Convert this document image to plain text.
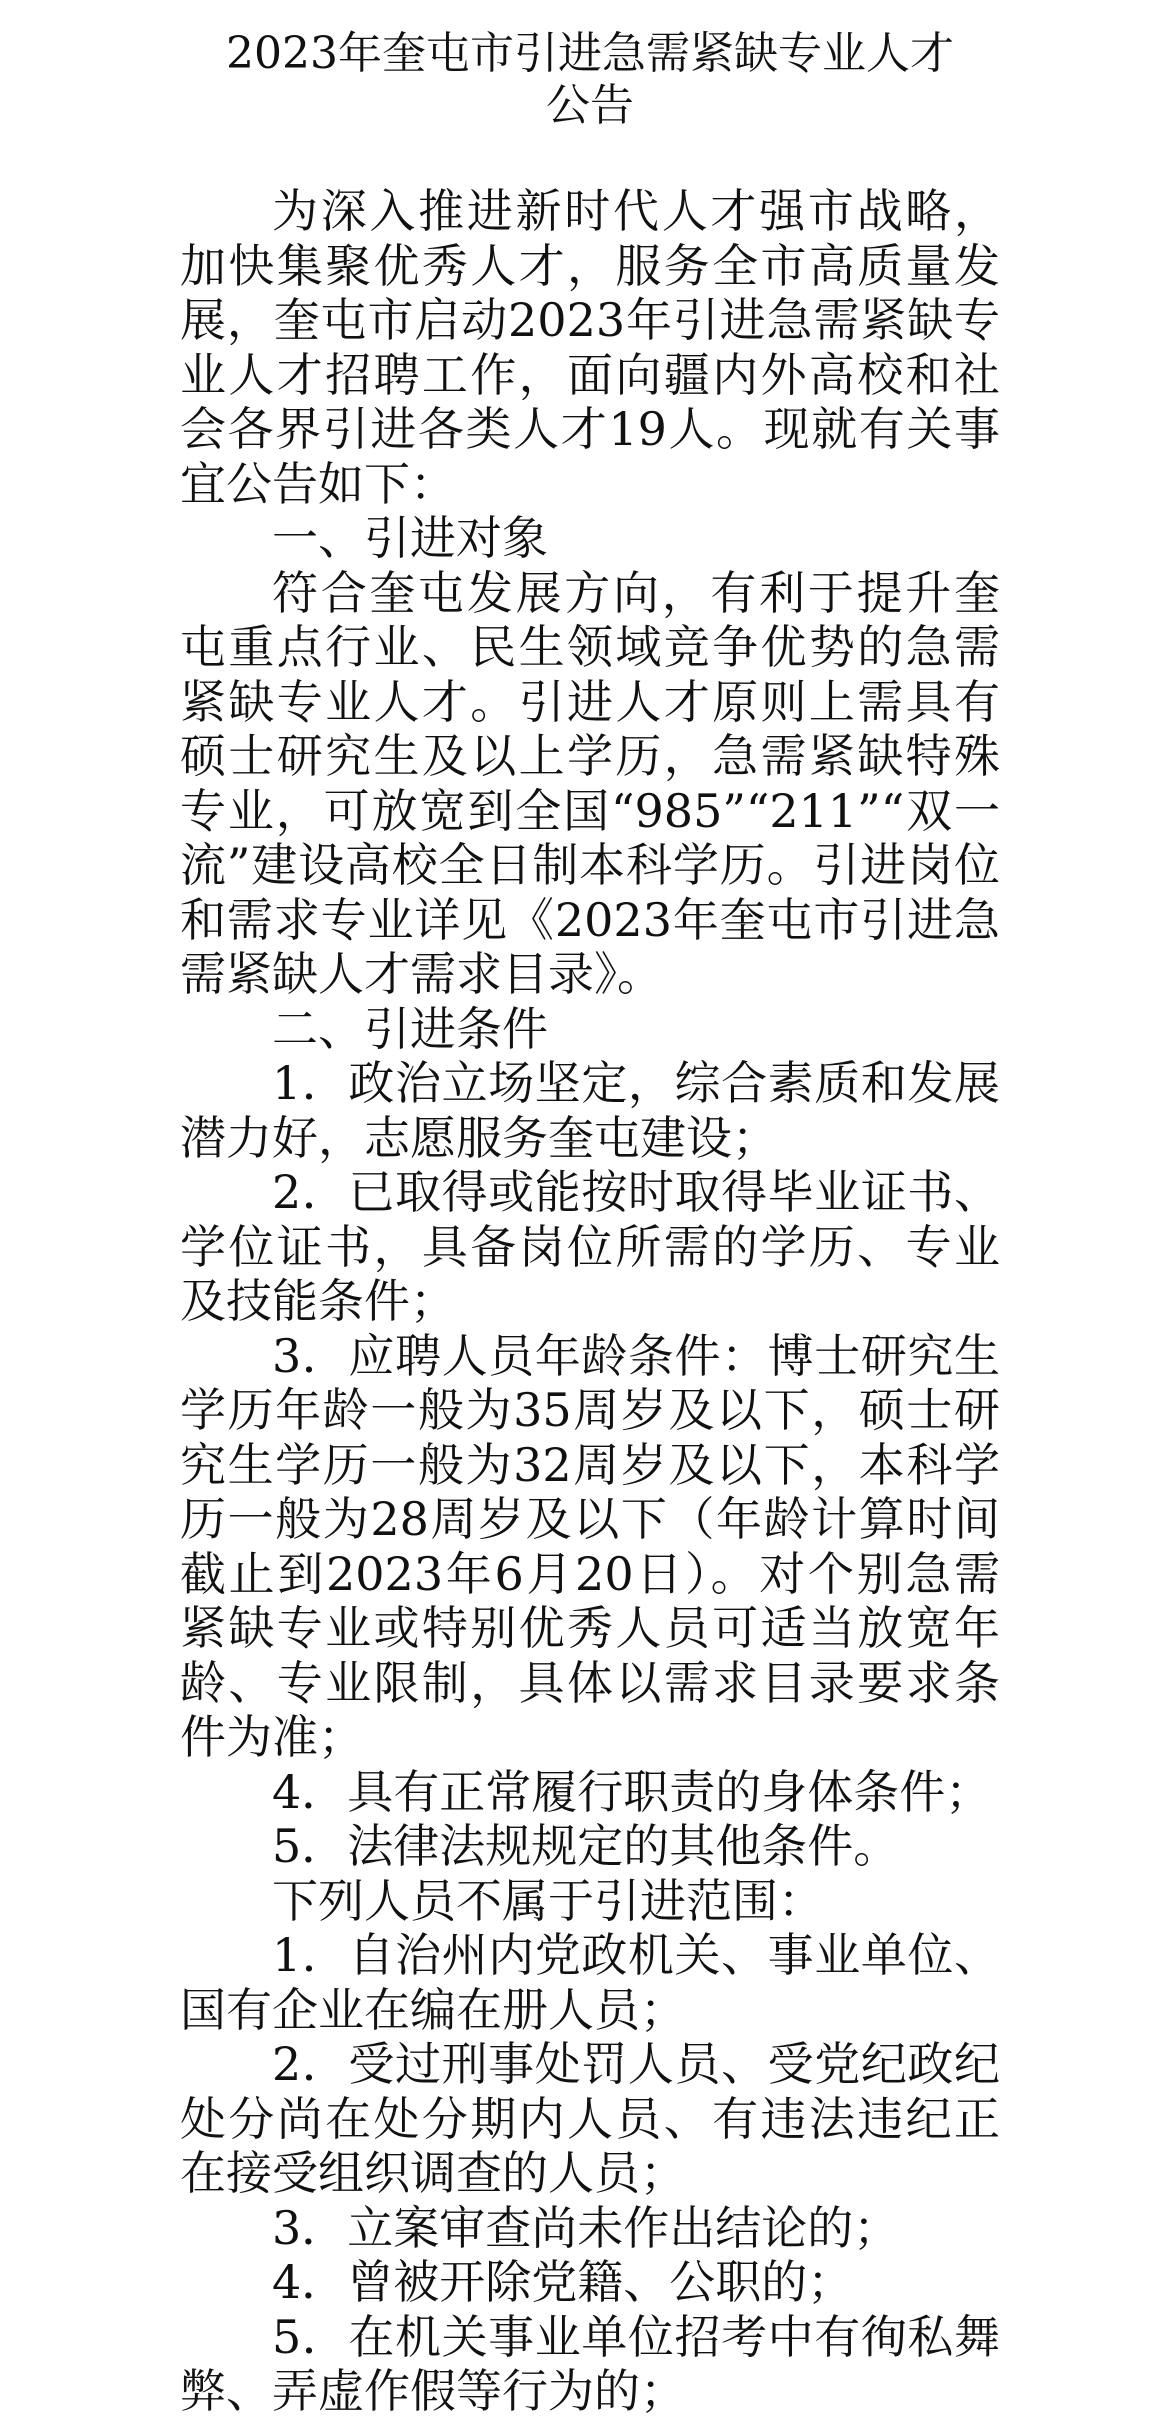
2023年奎屯市引进急需紧缺专业人才
公告

为深入推进新时代人才强市战略，加快集聚优秀人才，服务全市高质量发展，奎屯市启动2023年引进急需紧缺专业人才招聘工作，面向疆内外高校和社会各界引进各类人才19人。现就有关事宜公告如下：

一、引进对象

符合奎屯发展方向，有利于提升奎屯重点行业、民生领域竞争优势的急需紧缺专业人才。引进人才原则上需具有硕士研究生及以上学历，急需紧缺特殊专业，可放宽到全国“985”“211”“双一流”建设高校全日制本科学历。引进岗位和需求专业详见《2023年奎屯市引进急需紧缺人才需求目录》。

二、引进条件

1．政治立场坚定，综合素质和发展潜力好，志愿服务奎屯建设；

2．已取得或能按时取得毕业证书、学位证书，具备岗位所需的学历、专业及技能条件；

3．应聘人员年龄条件：博士研究生学历年龄一般为35周岁及以下，硕士研究生学历一般为32周岁及以下，本科学历一般为28周岁及以下（年龄计算时间截止到2023年6月20日）。对个别急需紧缺专业或特别优秀人员可适当放宽年龄、专业限制，具体以需求目录要求条件为准；

4．具有正常履行职责的身体条件；

5．法律法规规定的其他条件。

下列人员不属于引进范围：

1．自治州内党政机关、事业单位、国有企业在编在册人员；

2．受过刑事处罚人员、受党纪政纪处分尚在处分期内人员、有违法违纪正在接受组织调查的人员；

3．立案审查尚未作出结论的；

4．曾被开除党籍、公职的；

5．在机关事业单位招考中有徇私舞弊、弄虚作假等行为的；
